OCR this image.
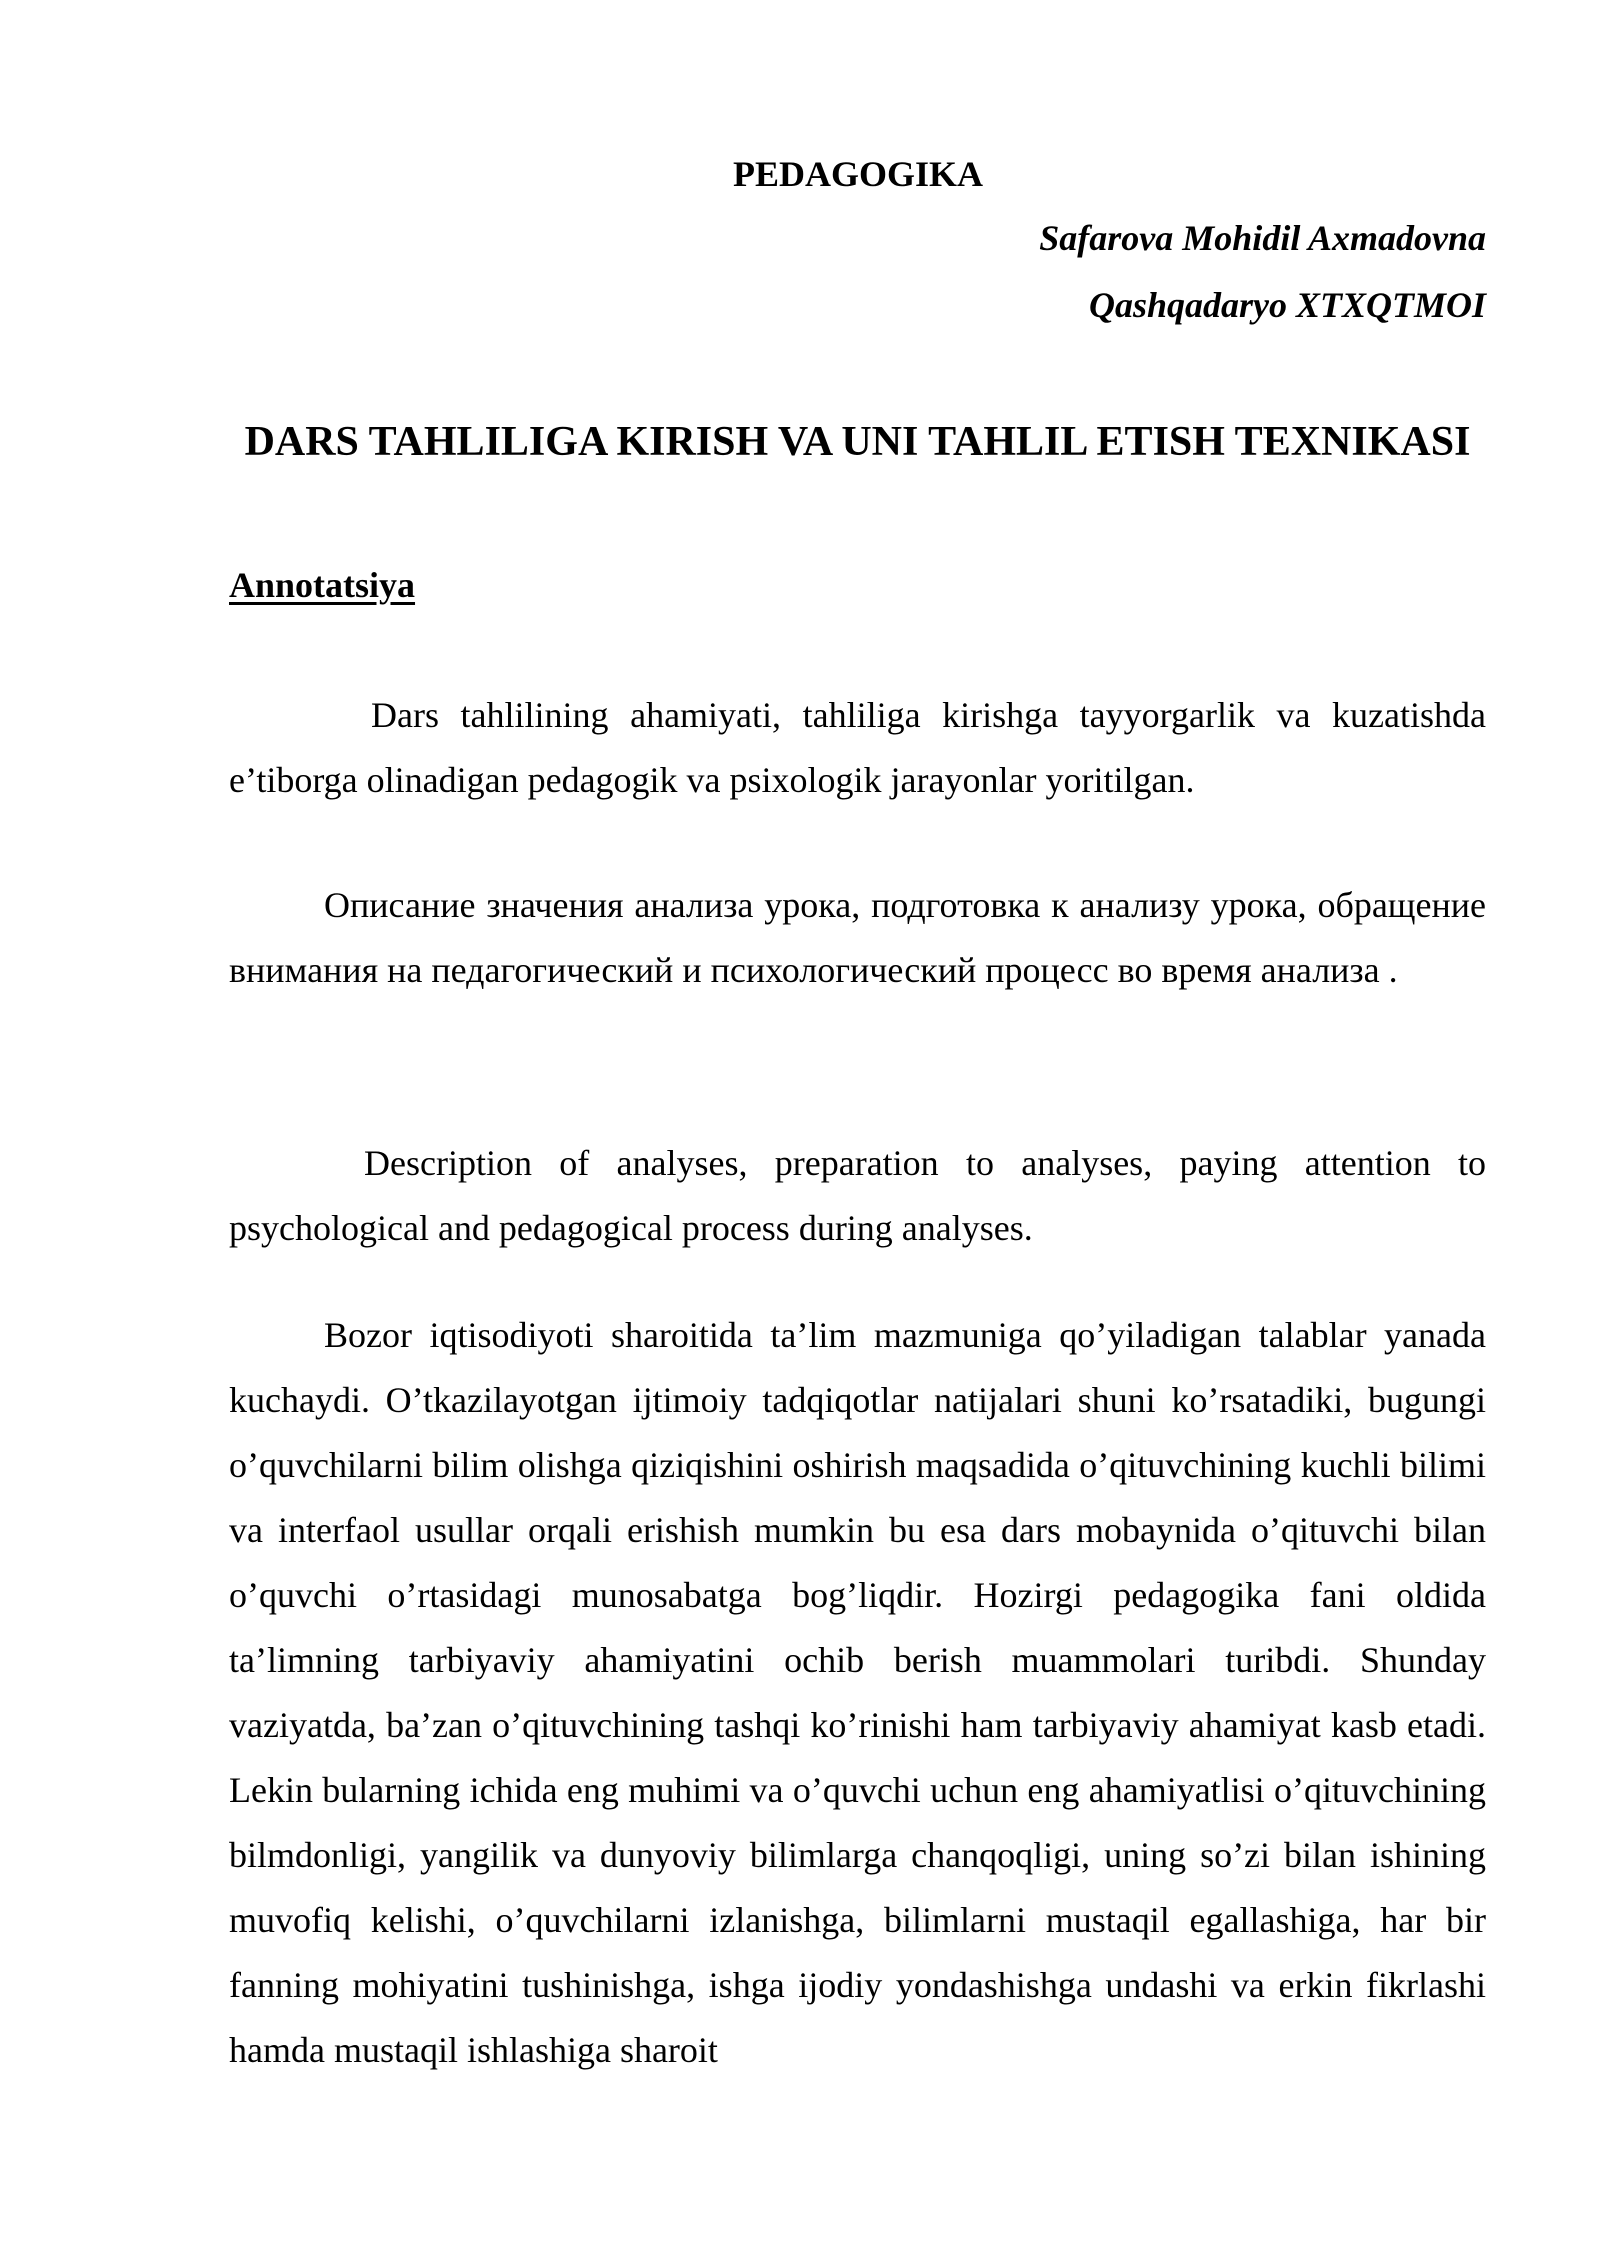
PEDAGOGIKA
Safarova Mohidil Axmadovna
Qashqadaryo XTXQTMOI
DARS TAHLILIGA KIRISH VA UNI TAHLIL ETISH TEXNIKASI
Annotatsiya

Dars tahlilining ahamiyati, tahliliga kirishga tayyorgarlik va kuzatishda e’tiborga olinadigan pedagogik va psixologik jarayonlar yoritilgan.

Описание значения анализа урока, подготовка к анализу урока, обращение внимания на педагогический и психологический процесс во время анализа .

Description of analyses, preparation to analyses, paying attention to psychological and pedagogical process during analyses.

Bozor iqtisodiyoti sharoitida ta’lim mazmuniga qo’yiladigan talablar yanada kuchaydi. O’tkazilayotgan ijtimoiy tadqiqotlar natijalari shuni ko’rsatadiki, bugungi o’quvchilarni bilim olishga qiziqishini oshirish maqsadida o’qituvchining kuchli bilimi va interfaol usullar orqali erishish mumkin bu esa dars mobaynida o’qituvchi bilan o’quvchi o’rtasidagi munosabatga bog’liqdir. Hozirgi pedagogika fani oldida ta’limning tarbiyaviy ahamiyatini ochib berish muammolari turibdi. Shunday vaziyatda, ba’zan o’qituvchining tashqi ko’rinishi ham tarbiyaviy ahamiyat kasb etadi. Lekin bularning ichida eng muhimi va o’quvchi uchun eng ahamiyatlisi o’qituvchining bilmdonligi, yangilik va dunyoviy bilimlarga chanqoqligi, uning so’zi bilan ishining muvofiq kelishi, o’quvchilarni izlanishga, bilimlarni mustaqil egallashiga, har bir fanning mohiyatini tushinishga, ishga ijodiy yondashishga undashi va erkin fikrlashi hamda mustaqil ishlashiga sharoit
